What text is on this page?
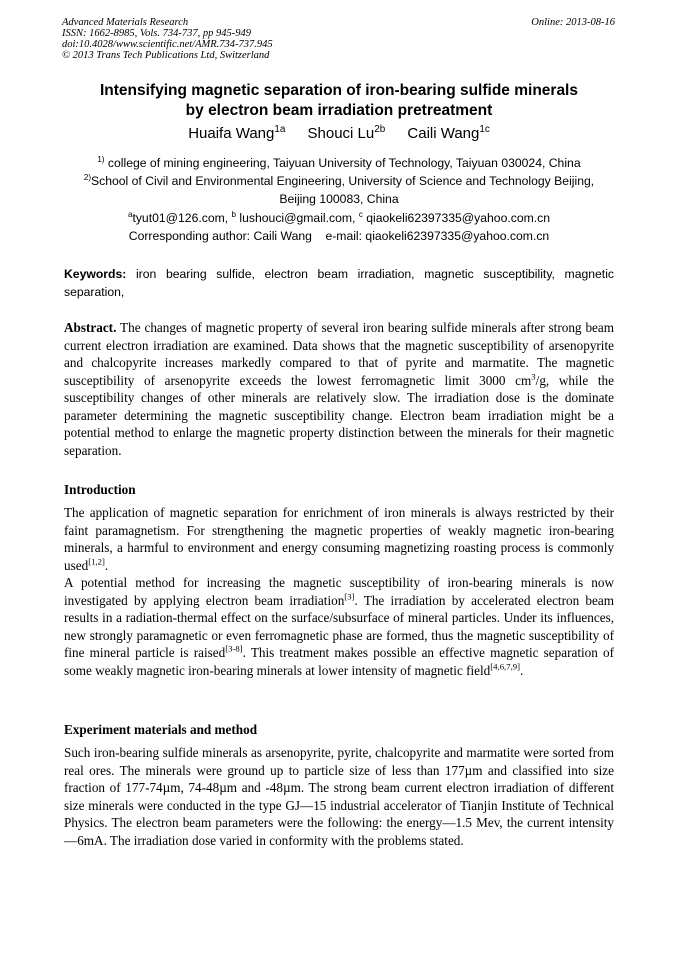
Advanced Materials Research
ISSN: 1662-8985, Vols. 734-737, pp 945-949
doi:10.4028/www.scientific.net/AMR.734-737.945
© 2013 Trans Tech Publications Ltd, Switzerland
Online: 2013-08-16
Intensifying magnetic separation of iron-bearing sulfide minerals
by electron beam irradiation pretreatment
Huaifa Wang$^{1a}$ Shouci $Lu^{2b}$ Caili Wang$^{1c}$
$^{1)}$ college of mining engineering, Taiyuan University of Technology, Taiyuan 030024, China
$^{2)}$School of Civil and Environmental Engineering, University of Science and Technology Beijing,
Beijing 100083, China
$^a$tyut01@126.com, $^b$ lushouci@gmail.com, $^c$ qiaokeli62397335@yahoo.com.cn
Corresponding author: Caili Wang    e-mail: qiaokeli62397335@yahoo.com.cn
Keywords: iron bearing sulfide, electron beam irradiation, magnetic susceptibility, magnetic separation,
Abstract. The changes of magnetic property of several iron bearing sulfide minerals after strong beam current electron irradiation are examined. Data shows that the magnetic susceptibility of arsenopyrite and chalcopyrite increases markedly compared to that of pyrite and marmatite. The magnetic susceptibility of arsenopyrite exceeds the lowest ferromagnetic limit 3000 $cm^3/g$, while the susceptibility changes of other minerals are relatively slow. The irradiation dose is the dominate parameter determining the magnetic susceptibility change. Electron beam irradiation might be a potential method to enlarge the magnetic property distinction between the minerals for their magnetic separation.
Introduction

The application of magnetic separation for enrichment of iron minerals is always restricted by their faint paramagnetism. For strengthening the magnetic properties of weakly magnetic iron-bearing minerals, a harmful to environment and energy consuming magnetizing roasting process is commonly used[1,2].

A potential method for increasing the magnetic susceptibility of iron-bearing minerals is now investigated by applying electron beam irradiation[3]. The irradiation by accelerated electron beam results in a radiation-thermal effect on the surface/subsurface of mineral particles. Under its influences, new strongly paramagnetic or even ferromagnetic phase are formed, thus the magnetic susceptibility of fine mineral particle is raised[3-8]. This treatment makes possible an effective magnetic separation of some weakly magnetic iron-bearing minerals at lower intensity of magnetic field[4,6,7,9].

Experiment materials and method
Such iron-bearing sulfide minerals as arsenopyrite, pyrite, chalcopyrite and marmatite were sorted from real ores. The minerals were ground up to particle size of less than 177µm and classified into size fraction of 177-74µm, 74-48µm and -48µm. The strong beam current electron irradiation of different size minerals were conducted in the type GJ—15 industrial accelerator of Tianjin Institute of Technical Physics. The electron beam parameters were the following: the energy—1.5 Mev, the current intensity—6mA. The irradiation dose varied in conformity with the problems stated.
